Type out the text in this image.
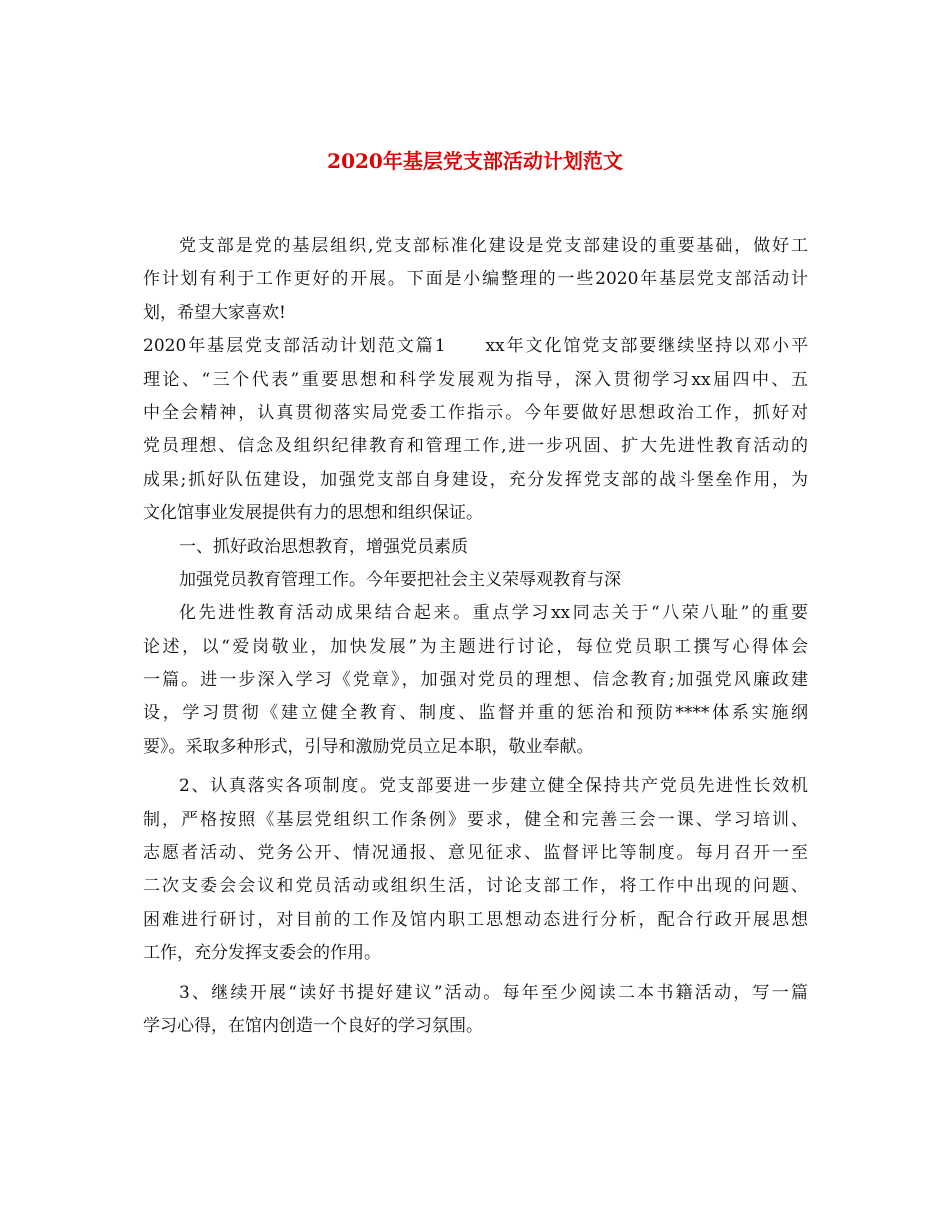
2020年基层党支部活动计划范文
党支部是党的基层组织,党支部标准化建设是党支部建设的重要基础，做好工
作计划有利于工作更好的开展。下面是小编整理的一些2020年基层党支部活动计
划，希望大家喜欢!
2020年基层党支部活动计划范文篇1　　xx年文化馆党支部要继续坚持以邓小平
理论、“三个代表”重要思想和科学发展观为指导，深入贯彻学习xx届四中、五
中全会精神，认真贯彻落实局党委工作指示。今年要做好思想政治工作，抓好对
党员理想、信念及组织纪律教育和管理工作,进一步巩固、扩大先进性教育活动的
成果;抓好队伍建设，加强党支部自身建设，充分发挥党支部的战斗堡垒作用，为
文化馆事业发展提供有力的思想和组织保证。
一、抓好政治思想教育，增强党员素质
加强党员教育管理工作。今年要把社会主义荣辱观教育与深
化先进性教育活动成果结合起来。重点学习xx同志关于“八荣八耻”的重要
论述，以“爱岗敬业，加快发展”为主题进行讨论，每位党员职工撰写心得体会
一篇。进一步深入学习《党章》，加强对党员的理想、信念教育;加强党风廉政建
设，学习贯彻《建立健全教育、制度、监督并重的惩治和预防****体系实施纲
要》。采取多种形式，引导和激励党员立足本职，敬业奉献。
2、认真落实各项制度。党支部要进一步建立健全保持共产党员先进性长效机
制，严格按照《基层党组织工作条例》要求，健全和完善三会一课、学习培训、
志愿者活动、党务公开、情况通报、意见征求、监督评比等制度。每月召开一至
二次支委会会议和党员活动或组织生活，讨论支部工作，将工作中出现的问题、
困难进行研讨，对目前的工作及馆内职工思想动态进行分析，配合行政开展思想
工作，充分发挥支委会的作用。
3、继续开展“读好书提好建议”活动。每年至少阅读二本书籍活动，写一篇
学习心得，在馆内创造一个良好的学习氛围。
